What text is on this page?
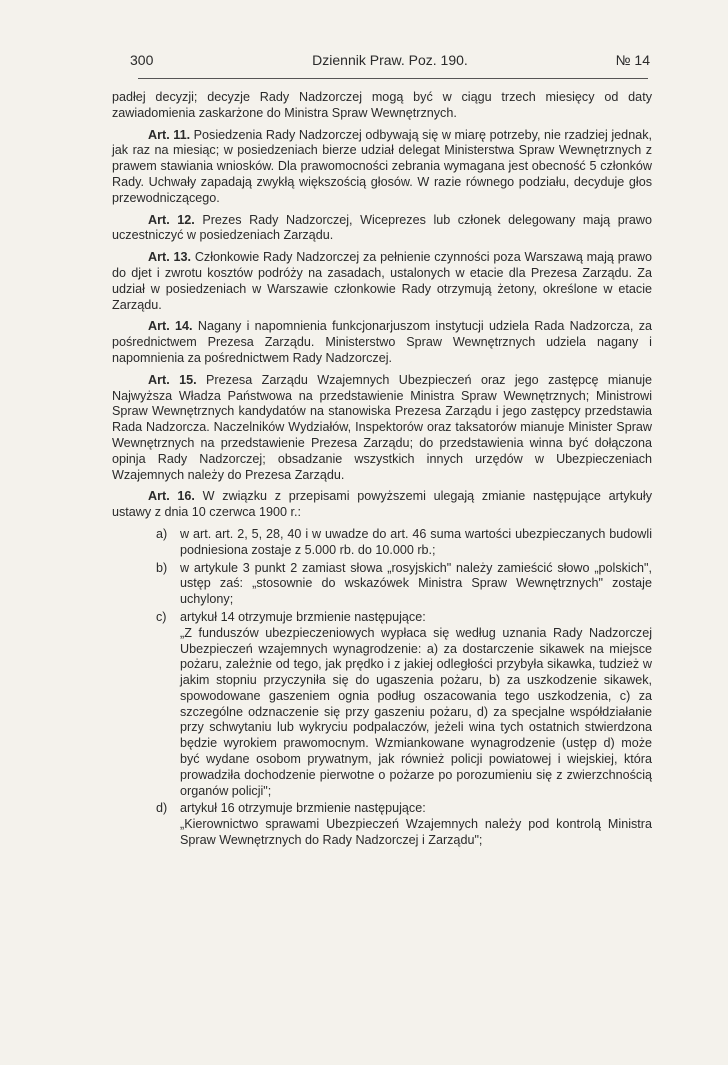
300	Dziennik Praw. Poz. 190.	№ 14

padłej decyzji; decyzje Rady Nadzorczej mogą być w ciągu trzech miesięcy od daty zawiadomienia zaskarżone do Ministra Spraw Wewnętrznych.

Art. 11. Posiedzenia Rady Nadzorczej odbywają się w miarę potrzeby, nie rzadziej jednak, jak raz na miesiąc; w posiedzeniach bierze udział delegat Ministerstwa Spraw Wewnętrznych z prawem stawiania wniosków. Dla prawomocności zebrania wymagana jest obecność 5 członków Rady. Uchwały zapadają zwykłą większością głosów. W razie równego podziału, decyduje głos przewodniczącego.

Art. 12. Prezes Rady Nadzorczej, Wiceprezes lub członek delegowany mają prawo uczestniczyć w posiedzeniach Zarządu.

Art. 13. Członkowie Rady Nadzorczej za pełnienie czynności poza Warszawą mają prawo do djet i zwrotu kosztów podróży na zasadach, ustalonych w etacie dla Prezesa Zarządu. Za udział w posiedzeniach w Warszawie członkowie Rady otrzymują żetony, określone w etacie Zarządu.

Art. 14. Nagany i napomnienia funkcjonarjuszom instytucji udziela Rada Nadzorcza, za pośrednictwem Prezesa Zarządu. Ministerstwo Spraw Wewnętrznych udziela nagany i napomnienia za pośrednictwem Rady Nadzorczej.

Art. 15. Prezesa Zarządu Wzajemnych Ubezpieczeń oraz jego zastępcę mianuje Najwyższa Władza Państwowa na przedstawienie Ministra Spraw Wewnętrznych; Ministrowi Spraw Wewnętrznych kandydatów na stanowiska Prezesa Zarządu i jego zastępcy przedstawia Rada Nadzorcza. Naczelników Wydziałów, Inspektorów oraz taksatorów mianuje Minister Spraw Wewnętrznych na przedstawienie Prezesa Zarządu; do przedstawienia winna być dołączona opinja Rady Nadzorczej; obsadzanie wszystkich innych urzędów w Ubezpieczeniach Wzajemnych należy do Prezesa Zarządu.

Art. 16. W związku z przepisami powyższemi ulegają zmianie następujące artykuły ustawy z dnia 10 czerwca 1900 r.:

a) w art. art. 2, 5, 28, 40 i w uwadze do art. 46 suma wartości ubezpieczanych budowli podniesiona zostaje z 5.000 rb. do 10.000 rb.;
b) w artykule 3 punkt 2 zamiast słowa „rosyjskich" należy zamieścić słowo „polskich", ustęp zaś: „stosownie do wskazówek Ministra Spraw Wewnętrznych" zostaje uchylony;
c) artykuł 14 otrzymuje brzmienie następujące:
„Z funduszów ubezpieczeniowych wypłaca się według uznania Rady Nadzorczej Ubezpieczeń wzajemnych wynagrodzenie: a) za dostarczenie sikawek na miejsce pożaru, zależnie od tego, jak prędko i z jakiej odległości przybyła sikawka, tudzież w jakim stopniu przyczyniła się do ugaszenia pożaru, b) za uszkodzenie sikawek, spowodowane gaszeniem ognia podług oszacowania tego uszkodzenia, c) za szczególne odznaczenie się przy gaszeniu pożaru, d) za specjalne współdziałanie przy schwytaniu lub wykryciu podpalaczów, jeżeli wina tych ostatnich stwierdzona będzie wyrokiem prawomocnym. Wzmiankowane wynagrodzenie (ustęp d) może być wydane osobom prywatnym, jak również policji powiatowej i wiejskiej, która prowadziła dochodzenie pierwotne o pożarze po porozumieniu się z zwierzchnością organów policji";
d) artykuł 16 otrzymuje brzmienie następujące:
„Kierownictwo sprawami Ubezpieczeń Wzajemnych należy pod kontrolą Ministra Spraw Wewnętrznych do Rady Nadzorczej i Zarządu";
